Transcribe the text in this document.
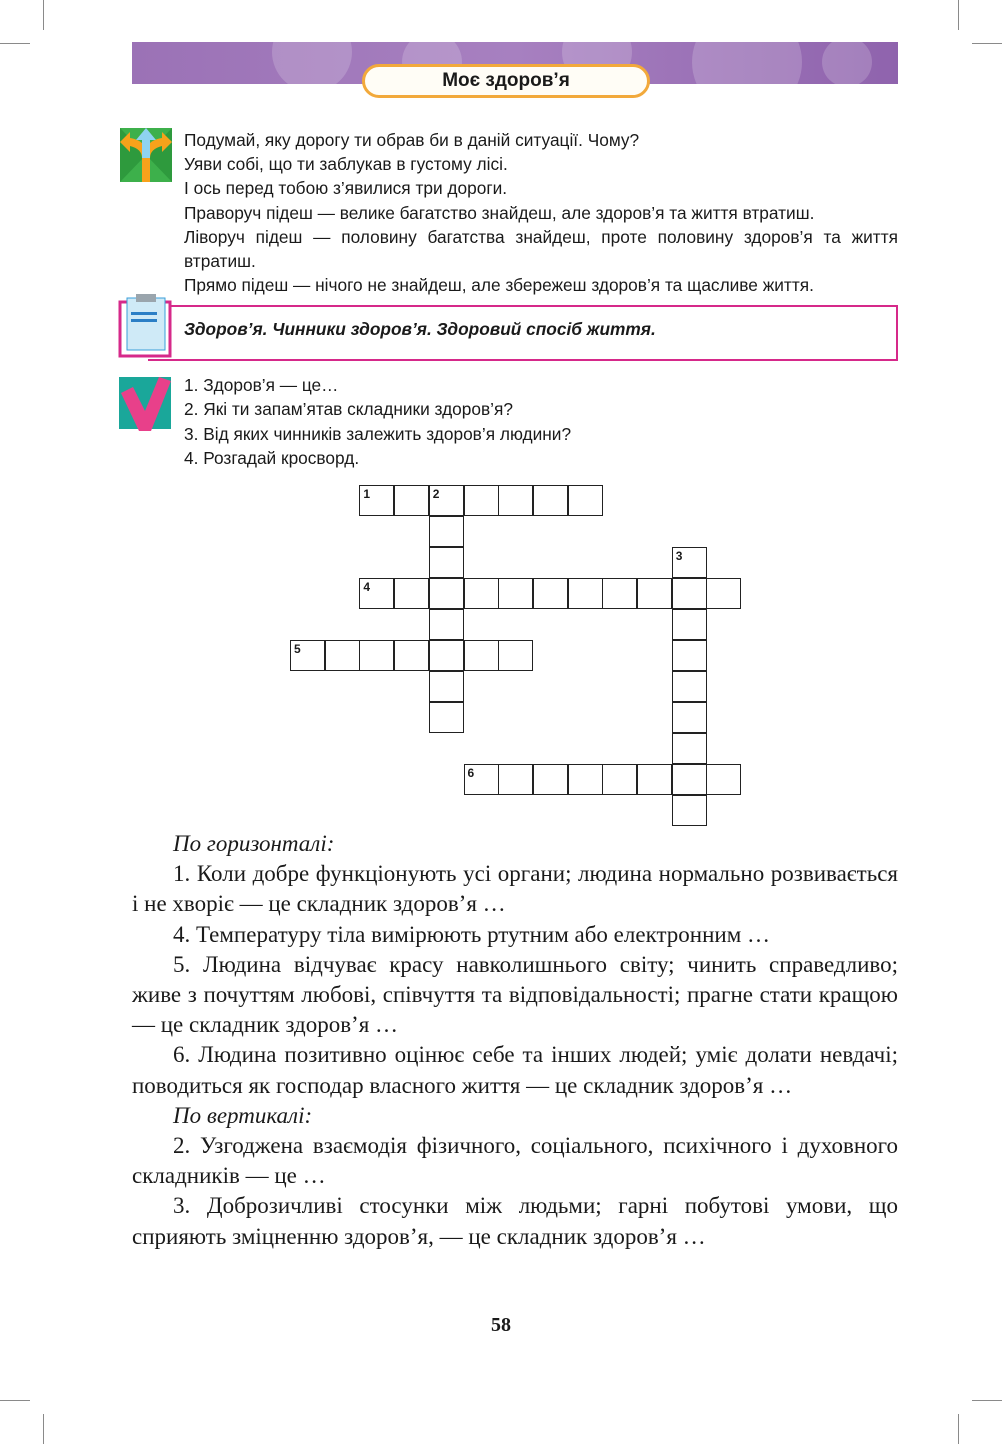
Моє здоров’я

Подумай, яку дорогу ти обрав би в даній ситуації. Чому?

Уяви собі, що ти заблукав в густому лісі.

І ось перед тобою з’явилися три дороги.

Праворуч підеш — велике багатство знайдеш, але здоров’я та життя втратиш.

Ліворуч підеш — половину багатства знайдеш, проте половину здоров’я та життя втратиш.

Прямо підеш — нічого не знайдеш, але збережеш здоров’я та щасливе життя.

Здоров’я. Чинники здоров’я. Здоровий спосіб життя.
1. Здоров’я — це…
2. Які ти запам’ятав складники здоров’я?
3. Від яких чинників залежить здоров’я людини?
4. Розгадай кросворд.
1	2
3
4
5
6

По горизонталі:

1. Коли добре функціонують усі органи; людина нормально розвивається і не хворіє — це складник здоров’я …

4. Температуру тіла вимірюють ртутним або електронним …

5. Людина відчуває красу навколишнього світу; чинить справедливо; живе з почуттям любові, співчуття та відповідальності; прагне стати кращою — це складник здоров’я …

6. Людина позитивно оцінює себе та інших людей; уміє долати невдачі; поводиться як господар власного життя — це складник здоров’я …

По вертикалі:

2. Узгоджена взаємодія фізичного, соціального, психічного і духовного складників — це …

3. Доброзичливі стосунки між людьми; гарні побутові умови, що сприяють зміцненню здоров’я, — це складник здоров’я …

58
